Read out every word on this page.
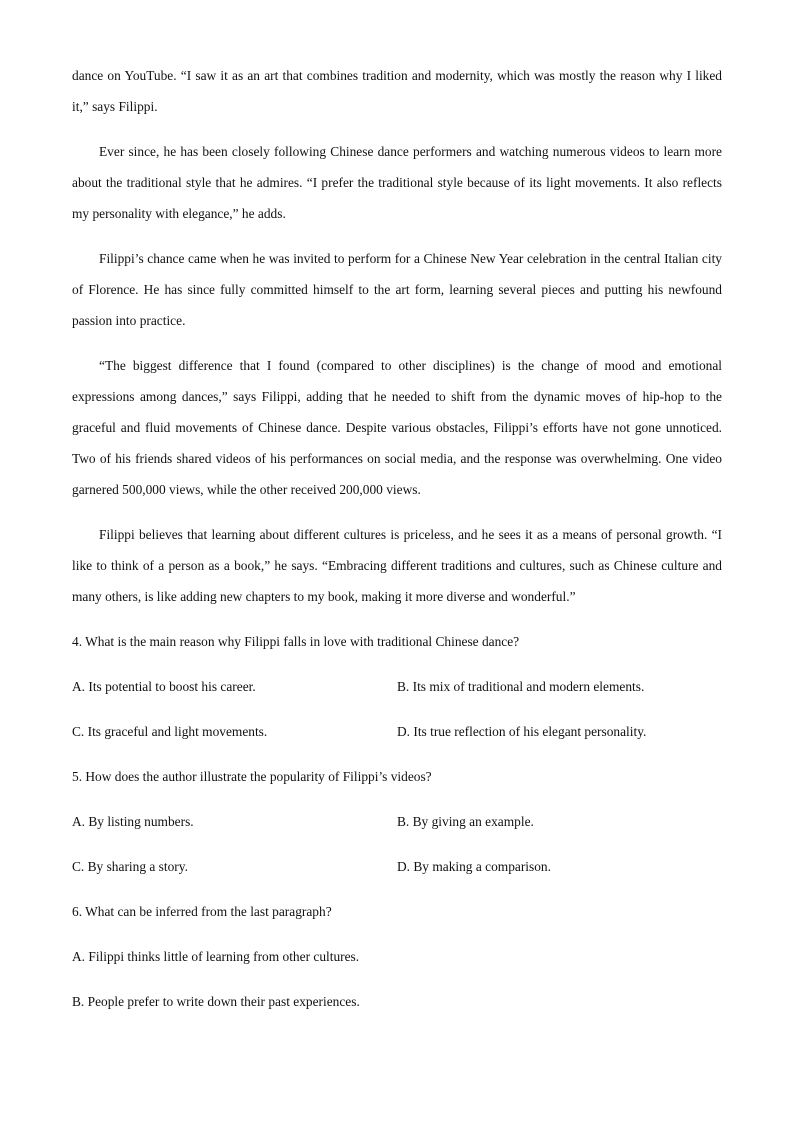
dance on YouTube. “I saw it as an art that combines tradition and modernity, which was mostly the reason why I liked it,” says Filippi.

Ever since, he has been closely following Chinese dance performers and watching numerous videos to learn more about the traditional style that he admires. “I prefer the traditional style because of its light movements. It also reflects my personality with elegance,” he adds.

Filippi’s chance came when he was invited to perform for a Chinese New Year celebration in the central Italian city of Florence. He has since fully committed himself to the art form, learning several pieces and putting his newfound passion into practice.

“The biggest difference that I found (compared to other disciplines) is the change of mood and emotional expressions among dances,” says Filippi, adding that he needed to shift from the dynamic moves of hip-hop to the graceful and fluid movements of Chinese dance. Despite various obstacles, Filippi’s efforts have not gone unnoticed. Two of his friends shared videos of his performances on social media, and the response was overwhelming. One video garnered 500,000 views, while the other received 200,000 views.

Filippi believes that learning about different cultures is priceless, and he sees it as a means of personal growth. “I like to think of a person as a book,” he says. “Embracing different traditions and cultures, such as Chinese culture and many others, is like adding new chapters to my book, making it more diverse and wonderful.”

4. What is the main reason why Filippi falls in love with traditional Chinese dance?
A. Its potential to boost his career.	B. Its mix of traditional and modern elements.
C. Its graceful and light movements.	D. Its true reflection of his elegant personality.
5. How does the author illustrate the popularity of Filippi’s videos?
A. By listing numbers.	B. By giving an example.
C. By sharing a story.	D. By making a comparison.
6. What can be inferred from the last paragraph?
A. Filippi thinks little of learning from other cultures.
B. People prefer to write down their past experiences.
